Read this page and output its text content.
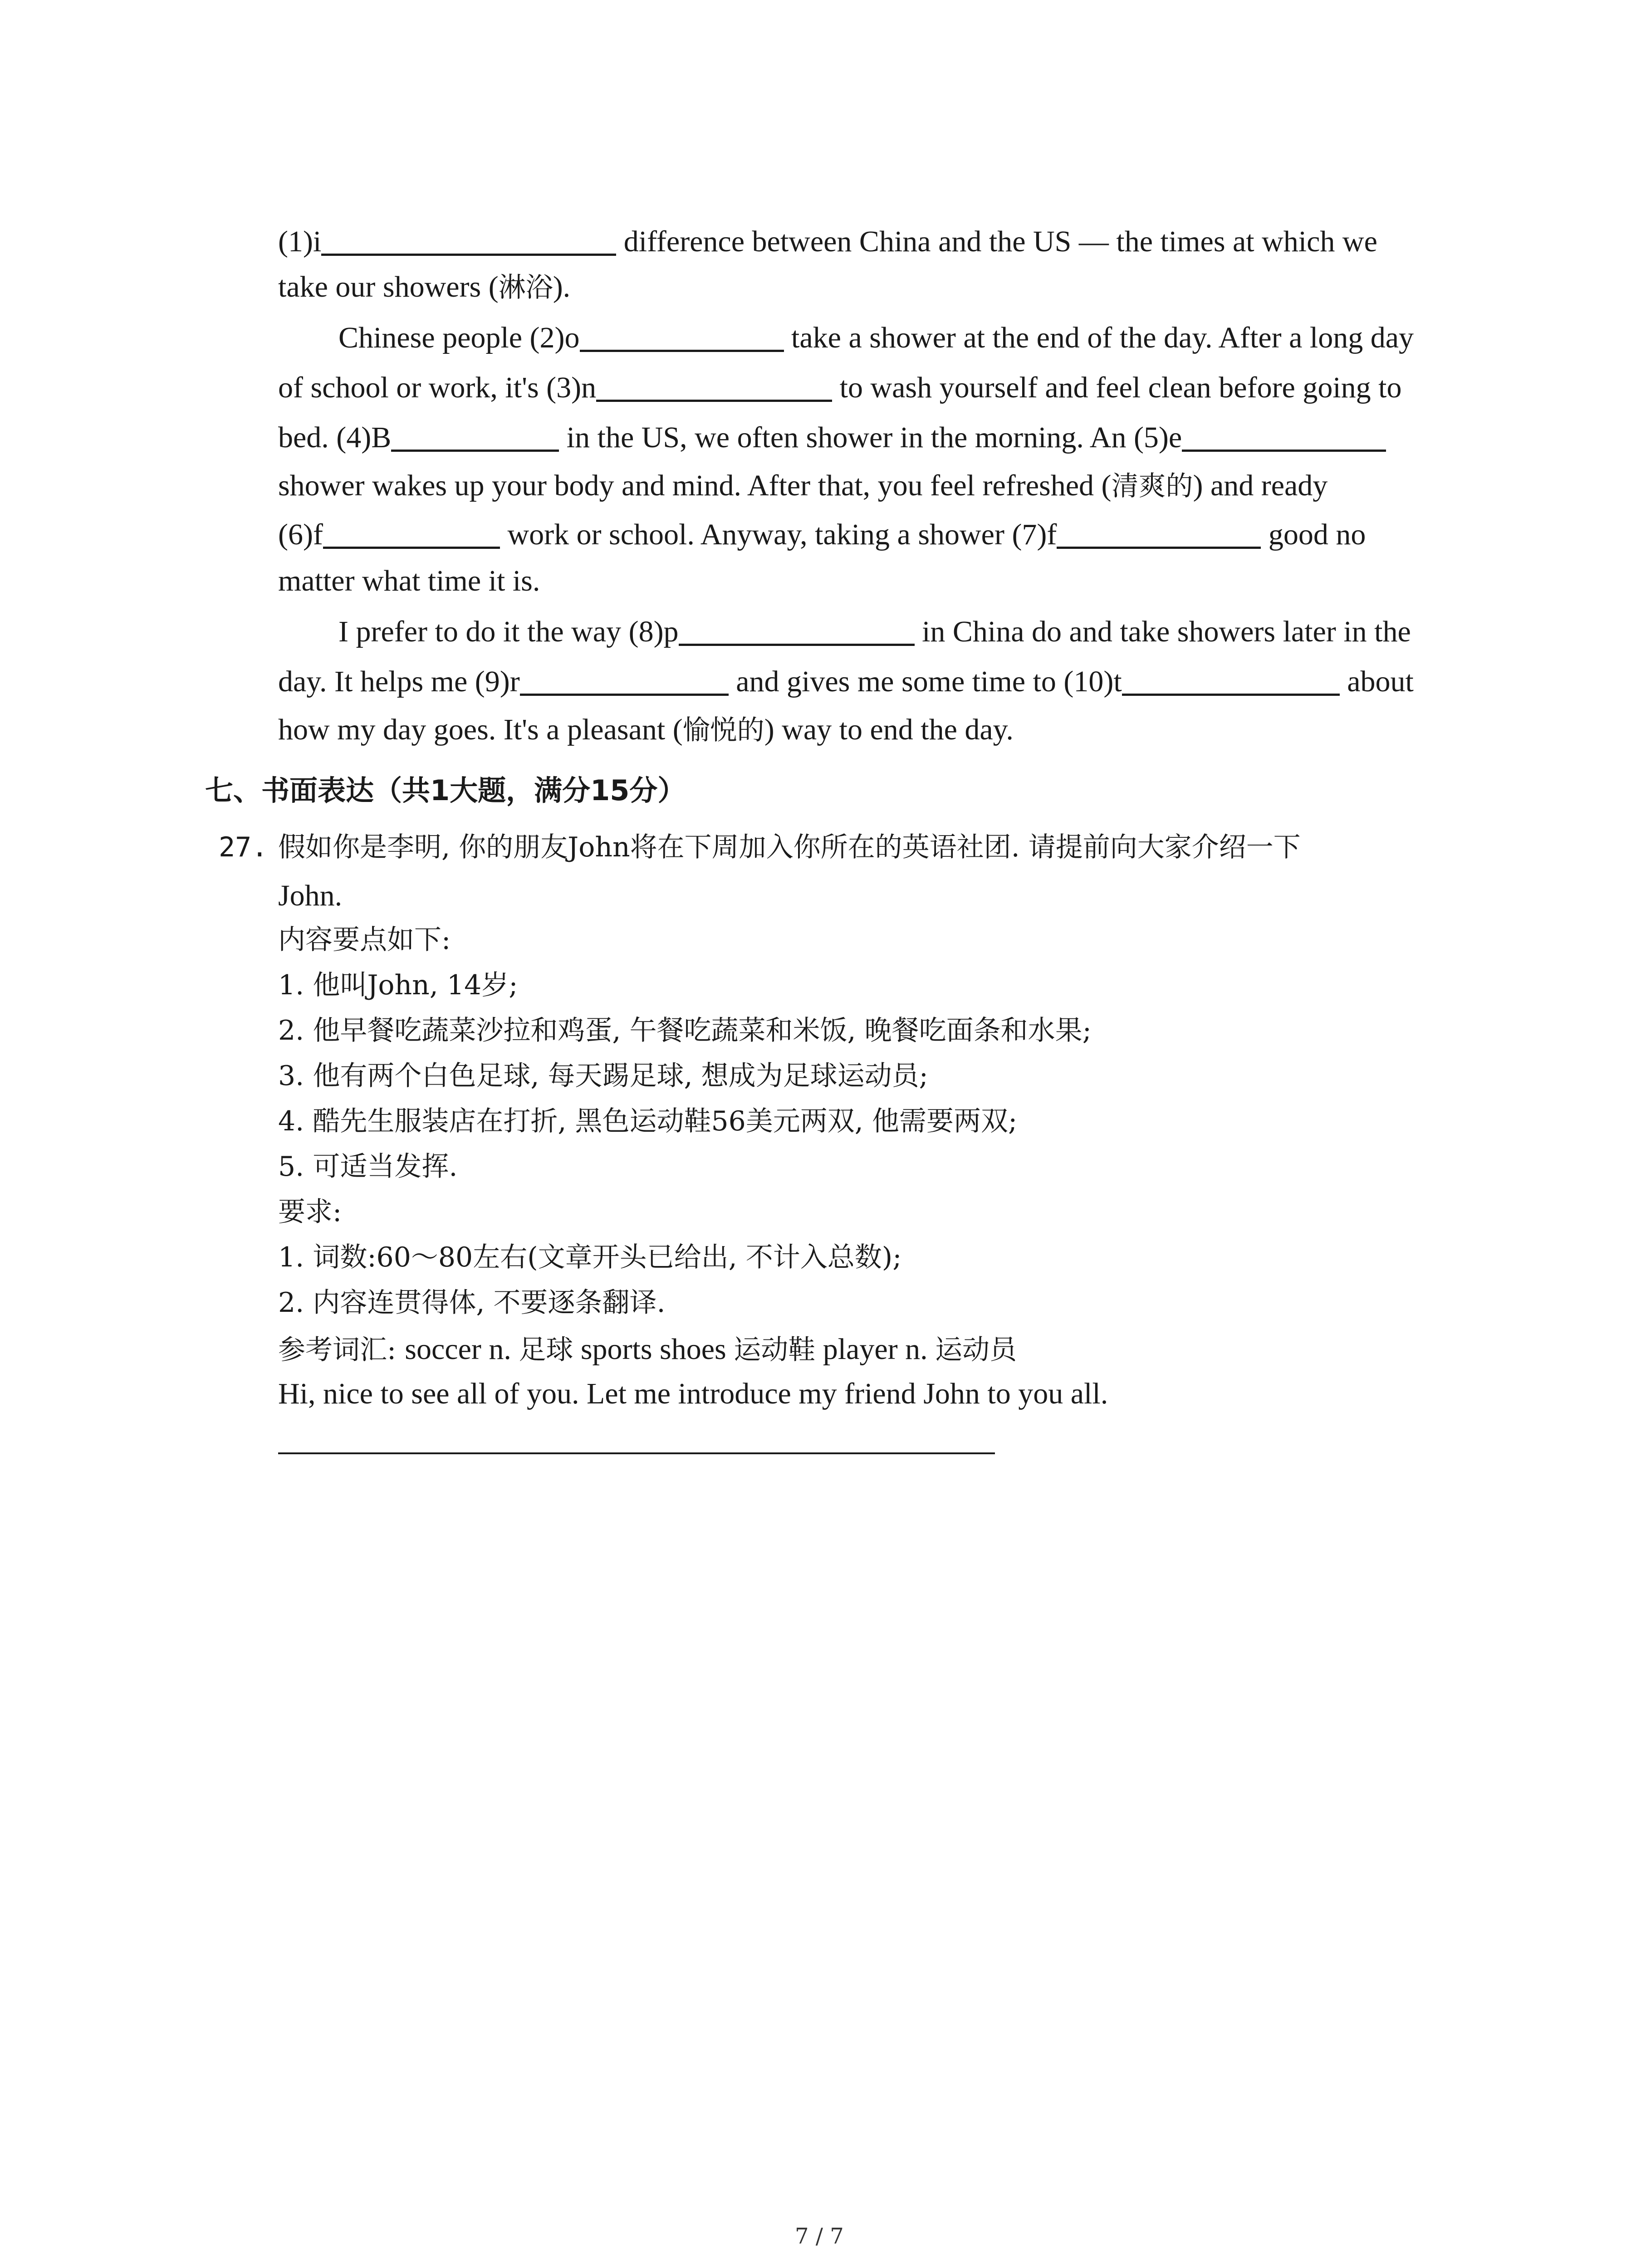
(1)i	difference between China and the US — the times at which we
take our showers (淋浴).
Chinese people (2)o	take a shower at the end of the day. After a long day
of school or work, it's (3)n	to wash yourself and feel clean before going to
bed. (4)B	in the US, we often shower in the morning. An (5)e
shower wakes up your body and mind. After that, you feel refreshed (清爽的) and ready
(6)f	work or school. Anyway, taking a shower (7)f	good no
matter what time it is.
I prefer to do it the way (8)p	in China do and take showers later in the
day. It helps me (9)r	and gives me some time to (10)t	about
how my day goes. It's a pleasant (愉悦的) way to end the day.
七、书面表达（共1大题，满分15分）
27. 假如你是李明, 你的朋友John将在下周加入你所在的英语社团. 请提前向大家介绍一下
John.
内容要点如下:
1. 他叫John, 14岁;
2. 他早餐吃蔬菜沙拉和鸡蛋, 午餐吃蔬菜和米饭, 晚餐吃面条和水果;
3. 他有两个白色足球, 每天踢足球, 想成为足球运动员;
4. 酷先生服装店在打折, 黑色运动鞋56美元两双, 他需要两双;
5. 可适当发挥.
要求:
1. 词数:60～80左右(文章开头已给出, 不计入总数);
2. 内容连贯得体, 不要逐条翻译.
参考词汇: soccer n. 足球 sports shoes 运动鞋 player n. 运动员
Hi, nice to see all of you. Let me introduce my friend John to you all.
7 / 7
